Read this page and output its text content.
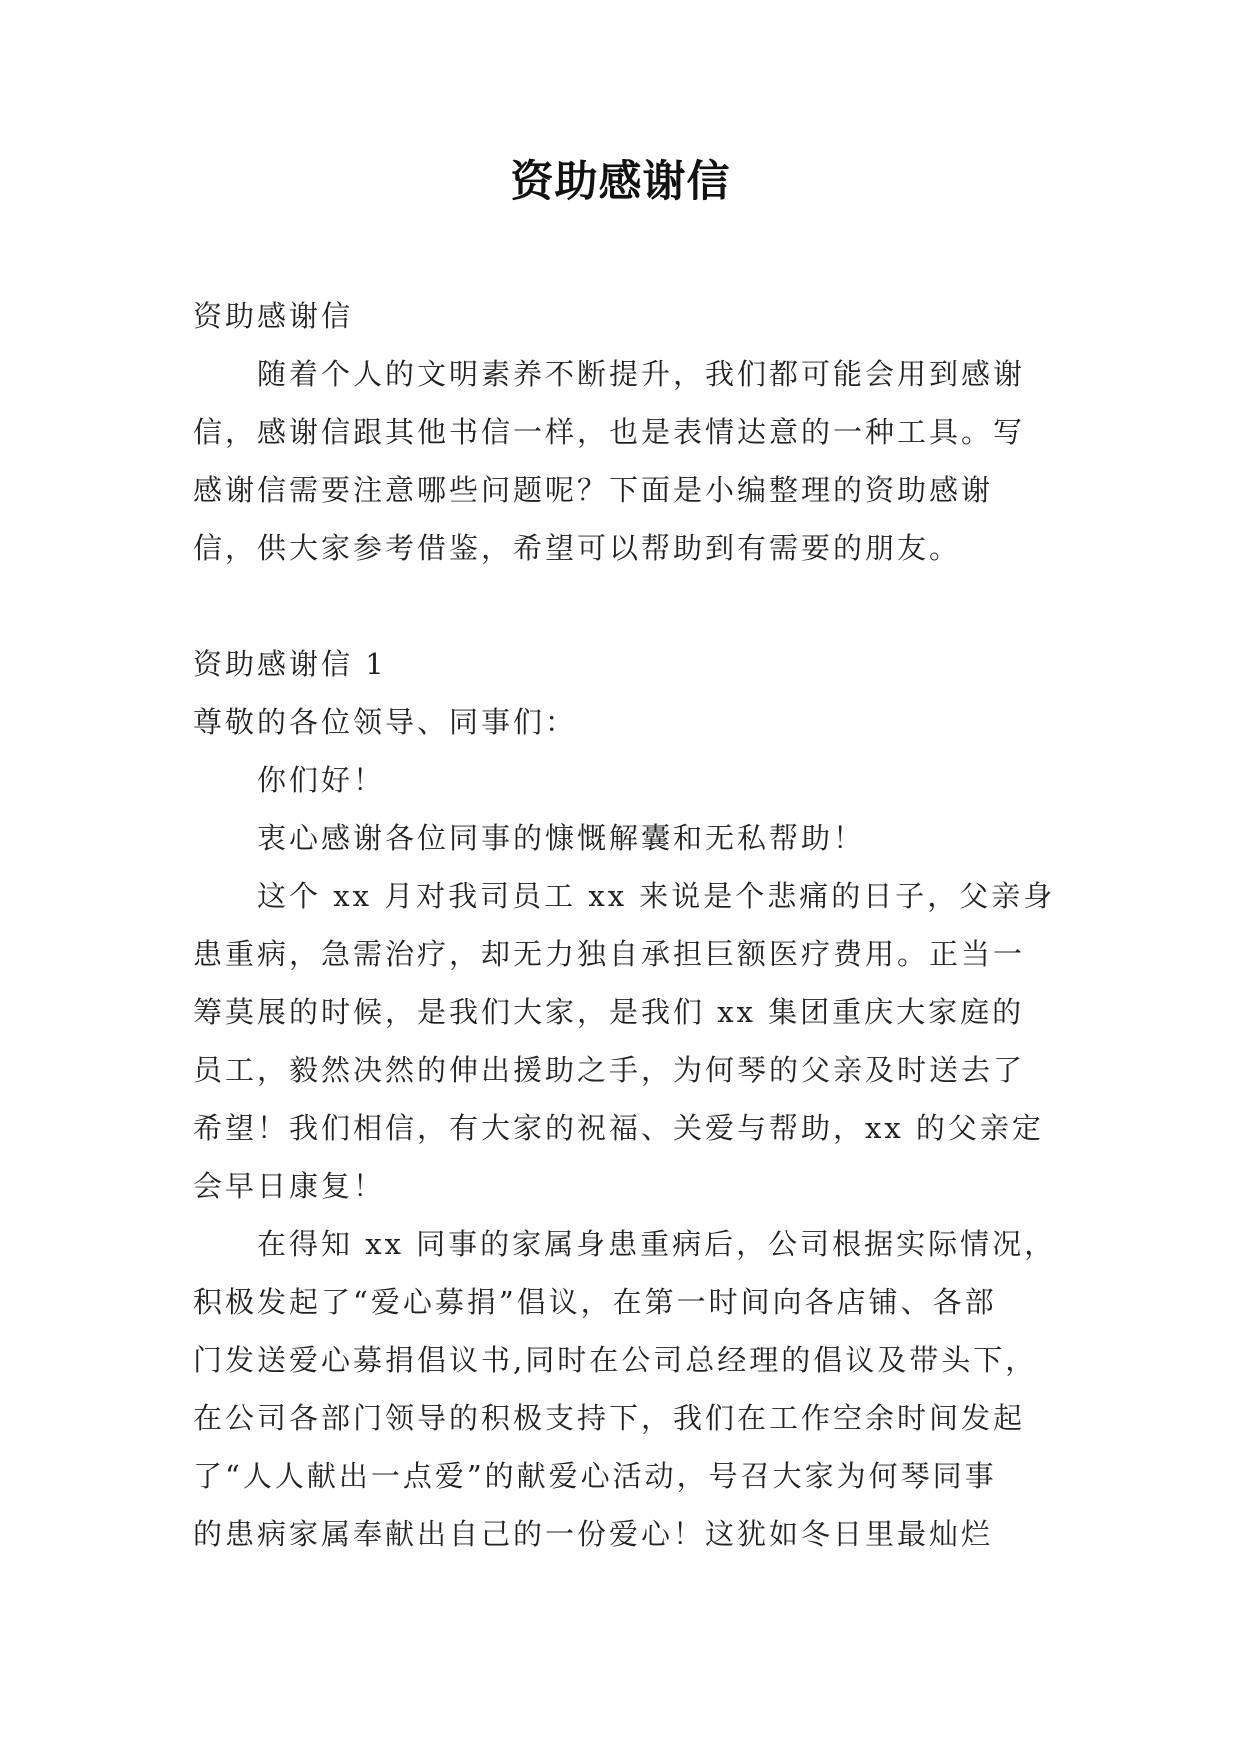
资助感谢信

资助感谢信

随着个人的文明素养不断提升，我们都可能会用到感谢

信，感谢信跟其他书信一样，也是表情达意的一种工具。写

感谢信需要注意哪些问题呢？下面是小编整理的资助感谢

信，供大家参考借鉴，希望可以帮助到有需要的朋友。

资助感谢信 1

尊敬的各位领导、同事们：

你们好！

衷心感谢各位同事的慷慨解囊和无私帮助！

这个 xx 月对我司员工 xx 来说是个悲痛的日子，父亲身

患重病，急需治疗，却无力独自承担巨额医疗费用。正当一

筹莫展的时候，是我们大家，是我们 xx 集团重庆大家庭的

员工，毅然决然的伸出援助之手，为何琴的父亲及时送去了

希望！我们相信，有大家的祝福、关爱与帮助，xx 的父亲定

会早日康复！

在得知 xx 同事的家属身患重病后，公司根据实际情况，

积极发起了“爱心募捐”倡议，在第一时间向各店铺、各部

门发送爱心募捐倡议书,同时在公司总经理的倡议及带头下，

在公司各部门领导的积极支持下，我们在工作空余时间发起

了“人人献出一点爱”的献爱心活动，号召大家为何琴同事

的患病家属奉献出自己的一份爱心！这犹如冬日里最灿烂
